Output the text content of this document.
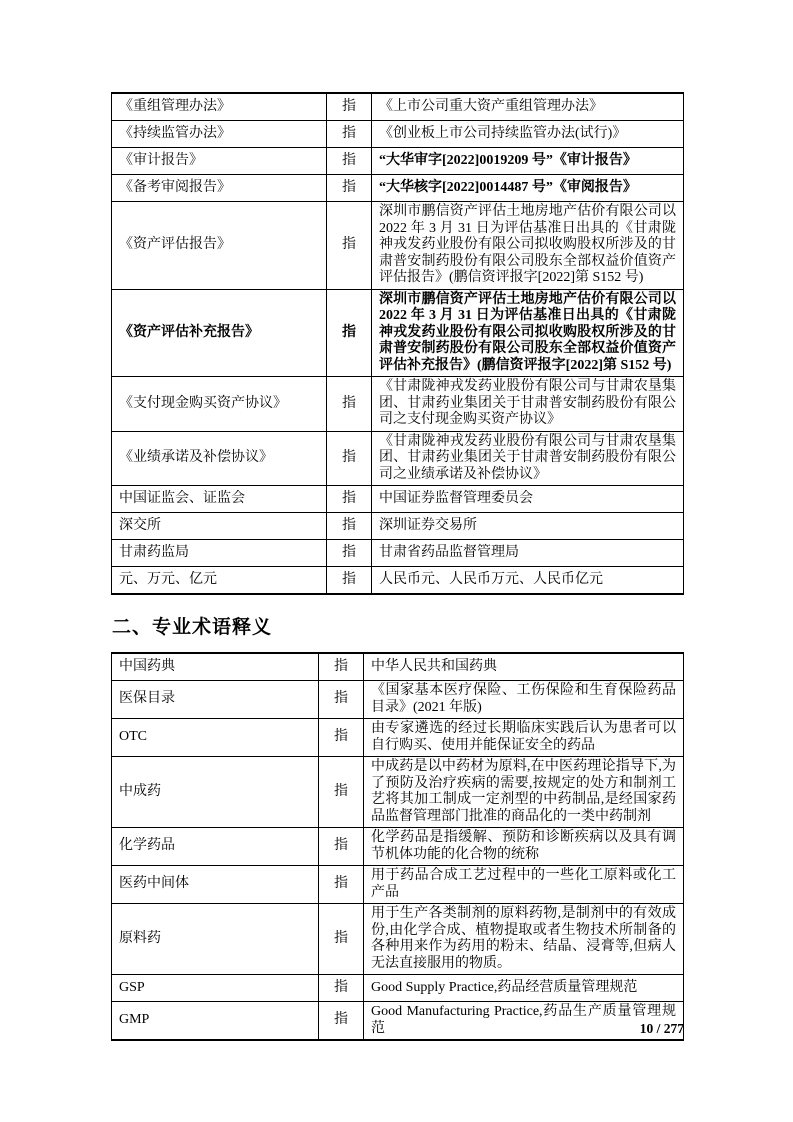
《重组管理办法》	指	《上市公司重大资产重组管理办法》
《持续监管办法》	指	《创业板上市公司持续监管办法(试行)》
《审计报告》	指	“大华审字[2022]0019209 号”《审计报告》
《备考审阅报告》	指	“大华核字[2022]0014487 号”《审阅报告》
《资产评估报告》	指	深圳市鹏信资产评估土地房地产估价有限公司以 2022 年 3 月 31 日为评估基准日出具的《甘肃陇神戎发药业股份有限公司拟收购股权所涉及的甘肃普安制药股份有限公司股东全部权益价值资产评估报告》(鹏信资评报字[2022]第 S152 号)
《资产评估补充报告》	指	深圳市鹏信资产评估土地房地产估价有限公司以 2022 年 3 月 31 日为评估基准日出具的《甘肃陇神戎发药业股份有限公司拟收购股权所涉及的甘肃普安制药股份有限公司股东全部权益价值资产评估补充报告》(鹏信资评报字[2022]第 S152 号)
《支付现金购买资产协议》	指	《甘肃陇神戎发药业股份有限公司与甘肃农垦集团、甘肃药业集团关于甘肃普安制药股份有限公司之支付现金购买资产协议》
《业绩承诺及补偿协议》	指	《甘肃陇神戎发药业股份有限公司与甘肃农垦集团、甘肃药业集团关于甘肃普安制药股份有限公司之业绩承诺及补偿协议》
中国证监会、证监会	指	中国证券监督管理委员会
深交所	指	深圳证券交易所
甘肃药监局	指	甘肃省药品监督管理局
元、万元、亿元	指	人民币元、人民币万元、人民币亿元
二、专业术语释义
中国药典	指	中华人民共和国药典
医保目录	指	《国家基本医疗保险、工伤保险和生育保险药品目录》(2021 年版)
OTC	指	由专家遴选的经过长期临床实践后认为患者可以自行购买、使用并能保证安全的药品
中成药	指	中成药是以中药材为原料,在中医药理论指导下,为了预防及治疗疾病的需要,按规定的处方和制剂工艺将其加工制成一定剂型的中药制品,是经国家药品监督管理部门批准的商品化的一类中药制剂
化学药品	指	化学药品是指缓解、预防和诊断疾病以及具有调节机体功能的化合物的统称
医药中间体	指	用于药品合成工艺过程中的一些化工原料或化工产品
原料药	指	用于生产各类制剂的原料药物,是制剂中的有效成份,由化学合成、植物提取或者生物技术所制备的各种用来作为药用的粉末、结晶、浸膏等,但病人无法直接服用的物质。
GSP	指	Good Supply Practice,药品经营质量管理规范
GMP	指	Good Manufacturing Practice,药品生产质量管理规范	10 / 277
